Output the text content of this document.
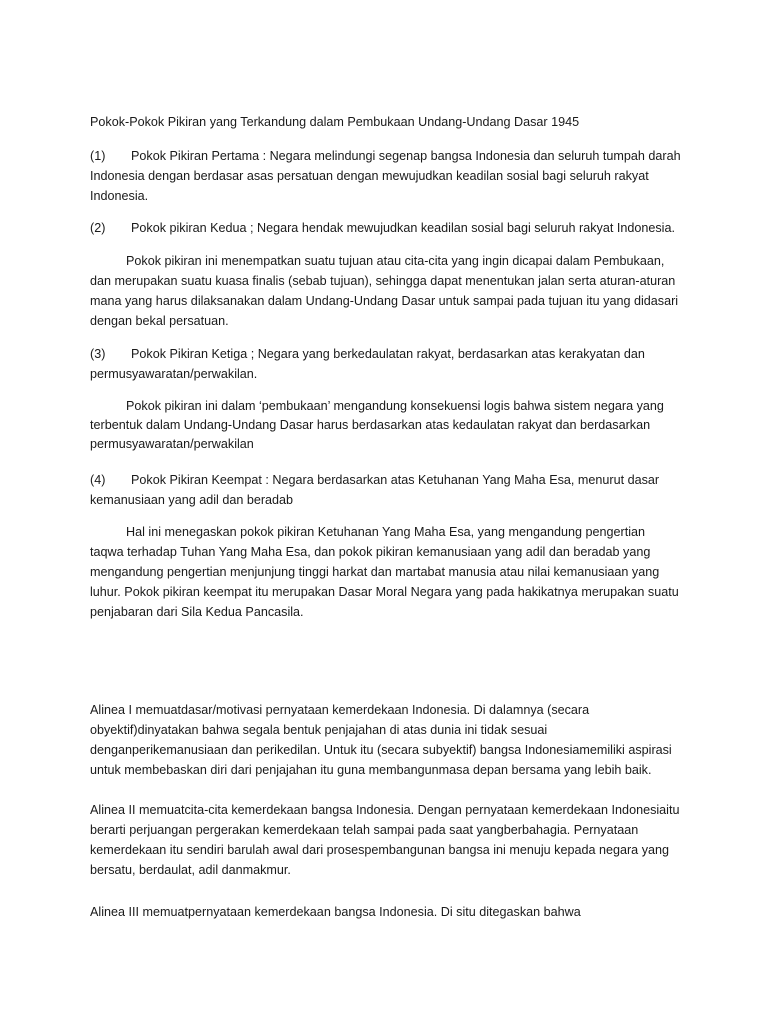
Pokok-Pokok Pikiran yang Terkandung dalam Pembukaan Undang-Undang Dasar 1945

(1) Pokok Pikiran Pertama : Negara melindungi segenap bangsa Indonesia dan seluruh tumpah darah Indonesia dengan berdasar asas persatuan dengan mewujudkan keadilan sosial bagi seluruh rakyat Indonesia.

(2) Pokok pikiran Kedua ; Negara hendak mewujudkan keadilan sosial bagi seluruh rakyat Indonesia.

Pokok pikiran ini menempatkan suatu tujuan atau cita-cita yang ingin dicapai dalam Pembukaan, dan merupakan suatu kuasa finalis (sebab tujuan), sehingga dapat menentukan jalan serta aturan-aturan mana yang harus dilaksanakan dalam Undang-Undang Dasar untuk sampai pada tujuan itu yang didasari dengan bekal persatuan.

(3) Pokok Pikiran Ketiga ; Negara yang berkedaulatan rakyat, berdasarkan atas kerakyatan dan permusyawaratan/perwakilan.

Pokok pikiran ini dalam ‘pembukaan’ mengandung konsekuensi logis bahwa sistem negara yang terbentuk dalam Undang-Undang Dasar harus berdasarkan atas kedaulatan rakyat dan berdasarkan permusyawaratan/perwakilan

(4) Pokok Pikiran Keempat : Negara berdasarkan atas Ketuhanan Yang Maha Esa, menurut dasar kemanusiaan yang adil dan beradab

Hal ini menegaskan pokok pikiran Ketuhanan Yang Maha Esa, yang mengandung pengertian taqwa terhadap Tuhan Yang Maha Esa, dan pokok pikiran kemanusiaan yang adil dan beradab yang mengandung pengertian menjunjung tinggi harkat dan martabat manusia atau nilai kemanusiaan yang luhur. Pokok pikiran keempat itu merupakan Dasar Moral Negara yang pada hakikatnya merupakan suatu penjabaran dari Sila Kedua Pancasila.

Alinea I memuatdasar/motivasi pernyataan kemerdekaan Indonesia. Di dalamnya (secara obyektif)dinyatakan bahwa segala bentuk penjajahan di atas dunia ini tidak sesuai denganperikemanusiaan dan perikedilan. Untuk itu (secara subyektif) bangsa Indonesiamemiliki aspirasi untuk membebaskan diri dari penjajahan itu guna membangunmasa depan bersama yang lebih baik.

Alinea II memuatcita-cita kemerdekaan bangsa Indonesia. Dengan pernyataan kemerdekaan Indonesiaitu berarti perjuangan pergerakan kemerdekaan telah sampai pada saat yangberbahagia. Pernyataan kemerdekaan itu sendiri barulah awal dari prosespembangunan bangsa ini menuju kepada negara yang bersatu, berdaulat, adil danmakmur.

Alinea III memuatpernyataan kemerdekaan bangsa Indonesia. Di situ ditegaskan bahwa
